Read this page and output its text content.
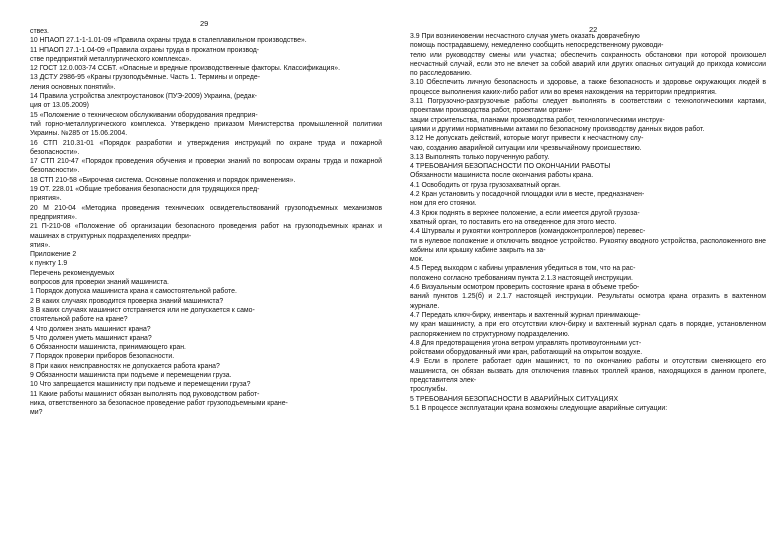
29

ствез.

10 НПАОП 27.1-1-1.01-09 «Правила охраны труда в сталеплавильном производстве».

11 НПАОП 27.1-1.04-09 «Правила охраны труда в прокатном производ-

стве предприятий металлургического комплекса».

12 ГОСТ 12.0.003-74 ССБТ. «Опасные и вредные производственные факторы. Классификация».

13 ДСТУ 2986-95 «Краны грузоподъёмные. Часть 1. Термины и опреде-

ления основных понятий».

14 Правила устройства электроустановок (ПУЭ-2009) Украина, (редак-

ция от 13.05.2009)

15 «Положение о техническом обслуживании оборудования предприя-

тий горно-металлургического комплекса. Утверждено приказом Министерства промышленной политики Украины. №285 от 15.06.2004.

16 СТП 210.31-01 «Порядок разработки и утверждения инструкций по охране труда и пожарной безопасности».

17 СТП 210-47 «Порядок проведения обучения и проверки знаний по вопросам охраны труда и пожарной безопасности».

18 СТП 210-58 «Бирочная система. Основные положения и порядок применения».

19 ОТ. 228.01 «Общие требования безопасности для трудящихся пред-

приятия».

20 М 210-04 «Методика проведения технических освидетельствований грузоподъемных механизмов предприятия».

21 П-210-08 «Положение об организации безопасного проведения работ на грузоподъемных кранах и машинах в структурных подразделениях предпри-

ятия».

Приложение 2

к пункту 1.9

Перечень рекомендуемых

вопросов для проверки знаний машиниста.

1 Порядок допуска машиниста крана к самостоятельной работе.

2 В каких случаях проводится проверка знаний машиниста?

3 В каких случаях машинист отстраняется или не допускается к само-

стоятельной работе на кране?

4 Что должен знать машинист крана?

5 Что должен уметь машинист крана?

6 Обязанности машиниста, принимающего кран.

7 Порядок проверки приборов безопасности.

8 При каких неисправностях не допускается работа крана?

9 Обязанности машиниста при подъеме и перемещении груза.

10 Что запрещается машинисту при подъеме и перемещении груза?

11 Какие работы машинист обязан выполнять под руководством работ-

ника, ответственного за безопасное проведение работ грузоподъемными кране-

ми?

22

3.9 При возникновении несчастного случая уметь оказать доврачебную

помощь пострадавшему, немедленно сообщить непосредственному руководи-

телю или руководству смены или участка; обеспечить сохранность обстановки при которой произошел несчастный случай, если это не влечет за собой аварий или других опасных ситуаций до прихода комиссии по расследованию.

3.10 Обеспечить личную безопасность и здоровье, а также безопасность и здоровье окружающих людей в процессе выполнения каких-либо работ или во время нахождения на территории предприятия.

3.11 Погрузочно-разгрузочные работы следует выполнять в соответствии с технологическими картами, проектами производства работ, проектами органи-

зации строительства, планами производства работ, технологическими инструк-

циями и другими нормативными актами по безопасному производству данных видов работ.

3.12 Не допускать действий, которые могут привести к несчастному слу-

чаю, созданию аварийной ситуации или чрезвычайному происшествию.

3.13 Выполнять только порученную работу.

4 ТРЕБОВАНИЯ БЕЗОПАСНОСТИ ПО ОКОНЧАНИИ РАБОТЫ

Обязанности машиниста после окончания работы крана.

4.1 Освободить от груза грузозахватный орган.

4.2 Кран установить у посадочной площадки или в месте, предназначен-

ном для его стоянки.

4.3 Крюк поднять в верхнее положение, а если имеется другой грузоза-

хватный орган, то поставить его на отведенное для этого место.

4.4 Штурвалы и рукоятки контроллеров (командоконтроллеров) перевес-

ти в нулевое положение и отключить вводное устройство. Рукоятку вводного устройства, расположенного вне кабины или крышку кабине закрыть на за-

мок.

4.5 Перед выходом с кабины управления убедиться в том, что на рас-

положено согласно требованиям пункта 2.1.3 настоящей инструкции.

4.6 Визуальным осмотром проверить состояние крана в объеме требо-

ваний пунктов 1.25(б) и 2.1.7 настоящей инструкции. Результаты осмотра крана отразить в вахтенном журнале.

4.7 Передать ключ-бирку, инвентарь и вахтенный журнал принимающе-

му кран машинисту, а при его отсутствии ключ-бирку и вахтенный журнал сдать в порядке, установленном распоряжением по структурному подразделению.

4.8 Для предотвращения угона ветром управлять противоугонными уст-

ройствами оборудованный ими кран, работающий на открытом воздухе.

4.9 Если в пролете работает один машинист, то по окончанию работы и отсутствии сменяющего его машиниста, он обязан вызвать для отключения главных троллей кранов, находящихся в данном пролете, представителя элек-

трослужбы.

5 ТРЕБОВАНИЯ БЕЗОПАСНОСТИ В АВАРИЙНЫХ СИТУАЦИЯХ

5.1 В процессе эксплуатации крана возможны следующие аварийные ситуации:
